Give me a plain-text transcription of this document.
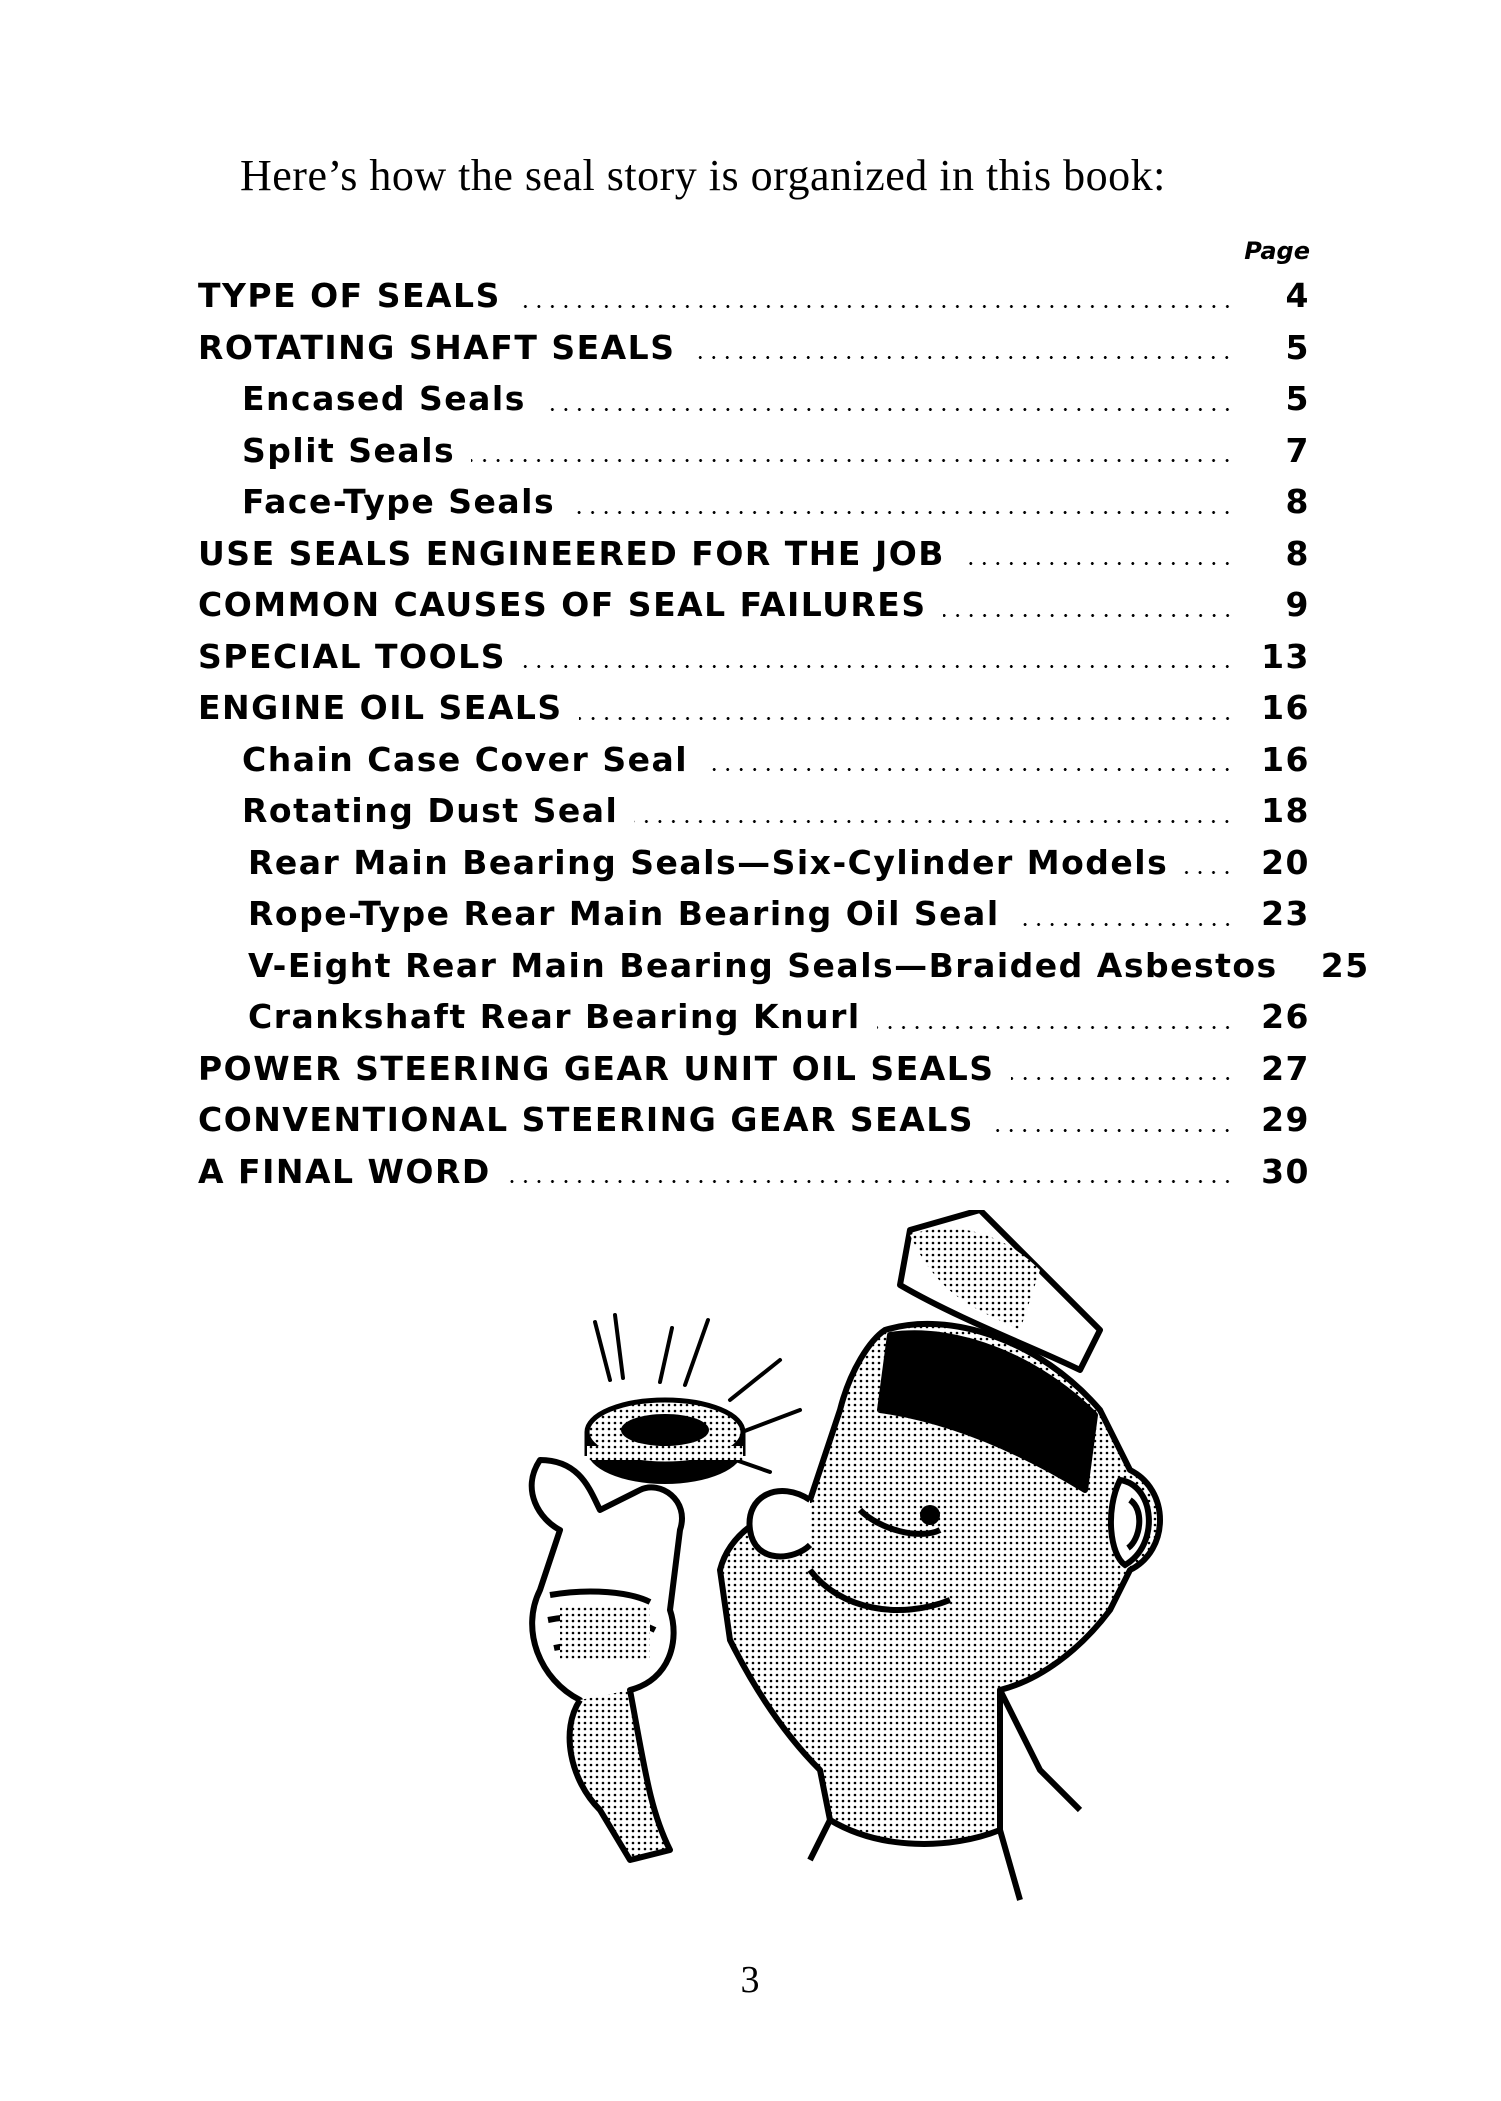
Here’s how the seal story is organized in this book:
Page
TYPE OF SEALS	4
ROTATING SHAFT SEALS	5
Encased Seals	5
Split Seals	7
Face-Type Seals	8
USE SEALS ENGINEERED FOR THE JOB	8
COMMON CAUSES OF SEAL FAILURES	9
SPECIAL TOOLS	13
ENGINE OIL SEALS	16
Chain Case Cover Seal	16
Rotating Dust Seal	18
Rear Main Bearing Seals—Six-Cylinder Models	20
Rope-Type Rear Main Bearing Oil Seal	23
V-Eight Rear Main Bearing Seals—Braided Asbestos	25
Crankshaft Rear Bearing Knurl	26
POWER STEERING GEAR UNIT OIL SEALS	27
CONVENTIONAL STEERING GEAR SEALS	29
A FINAL WORD	30
3
